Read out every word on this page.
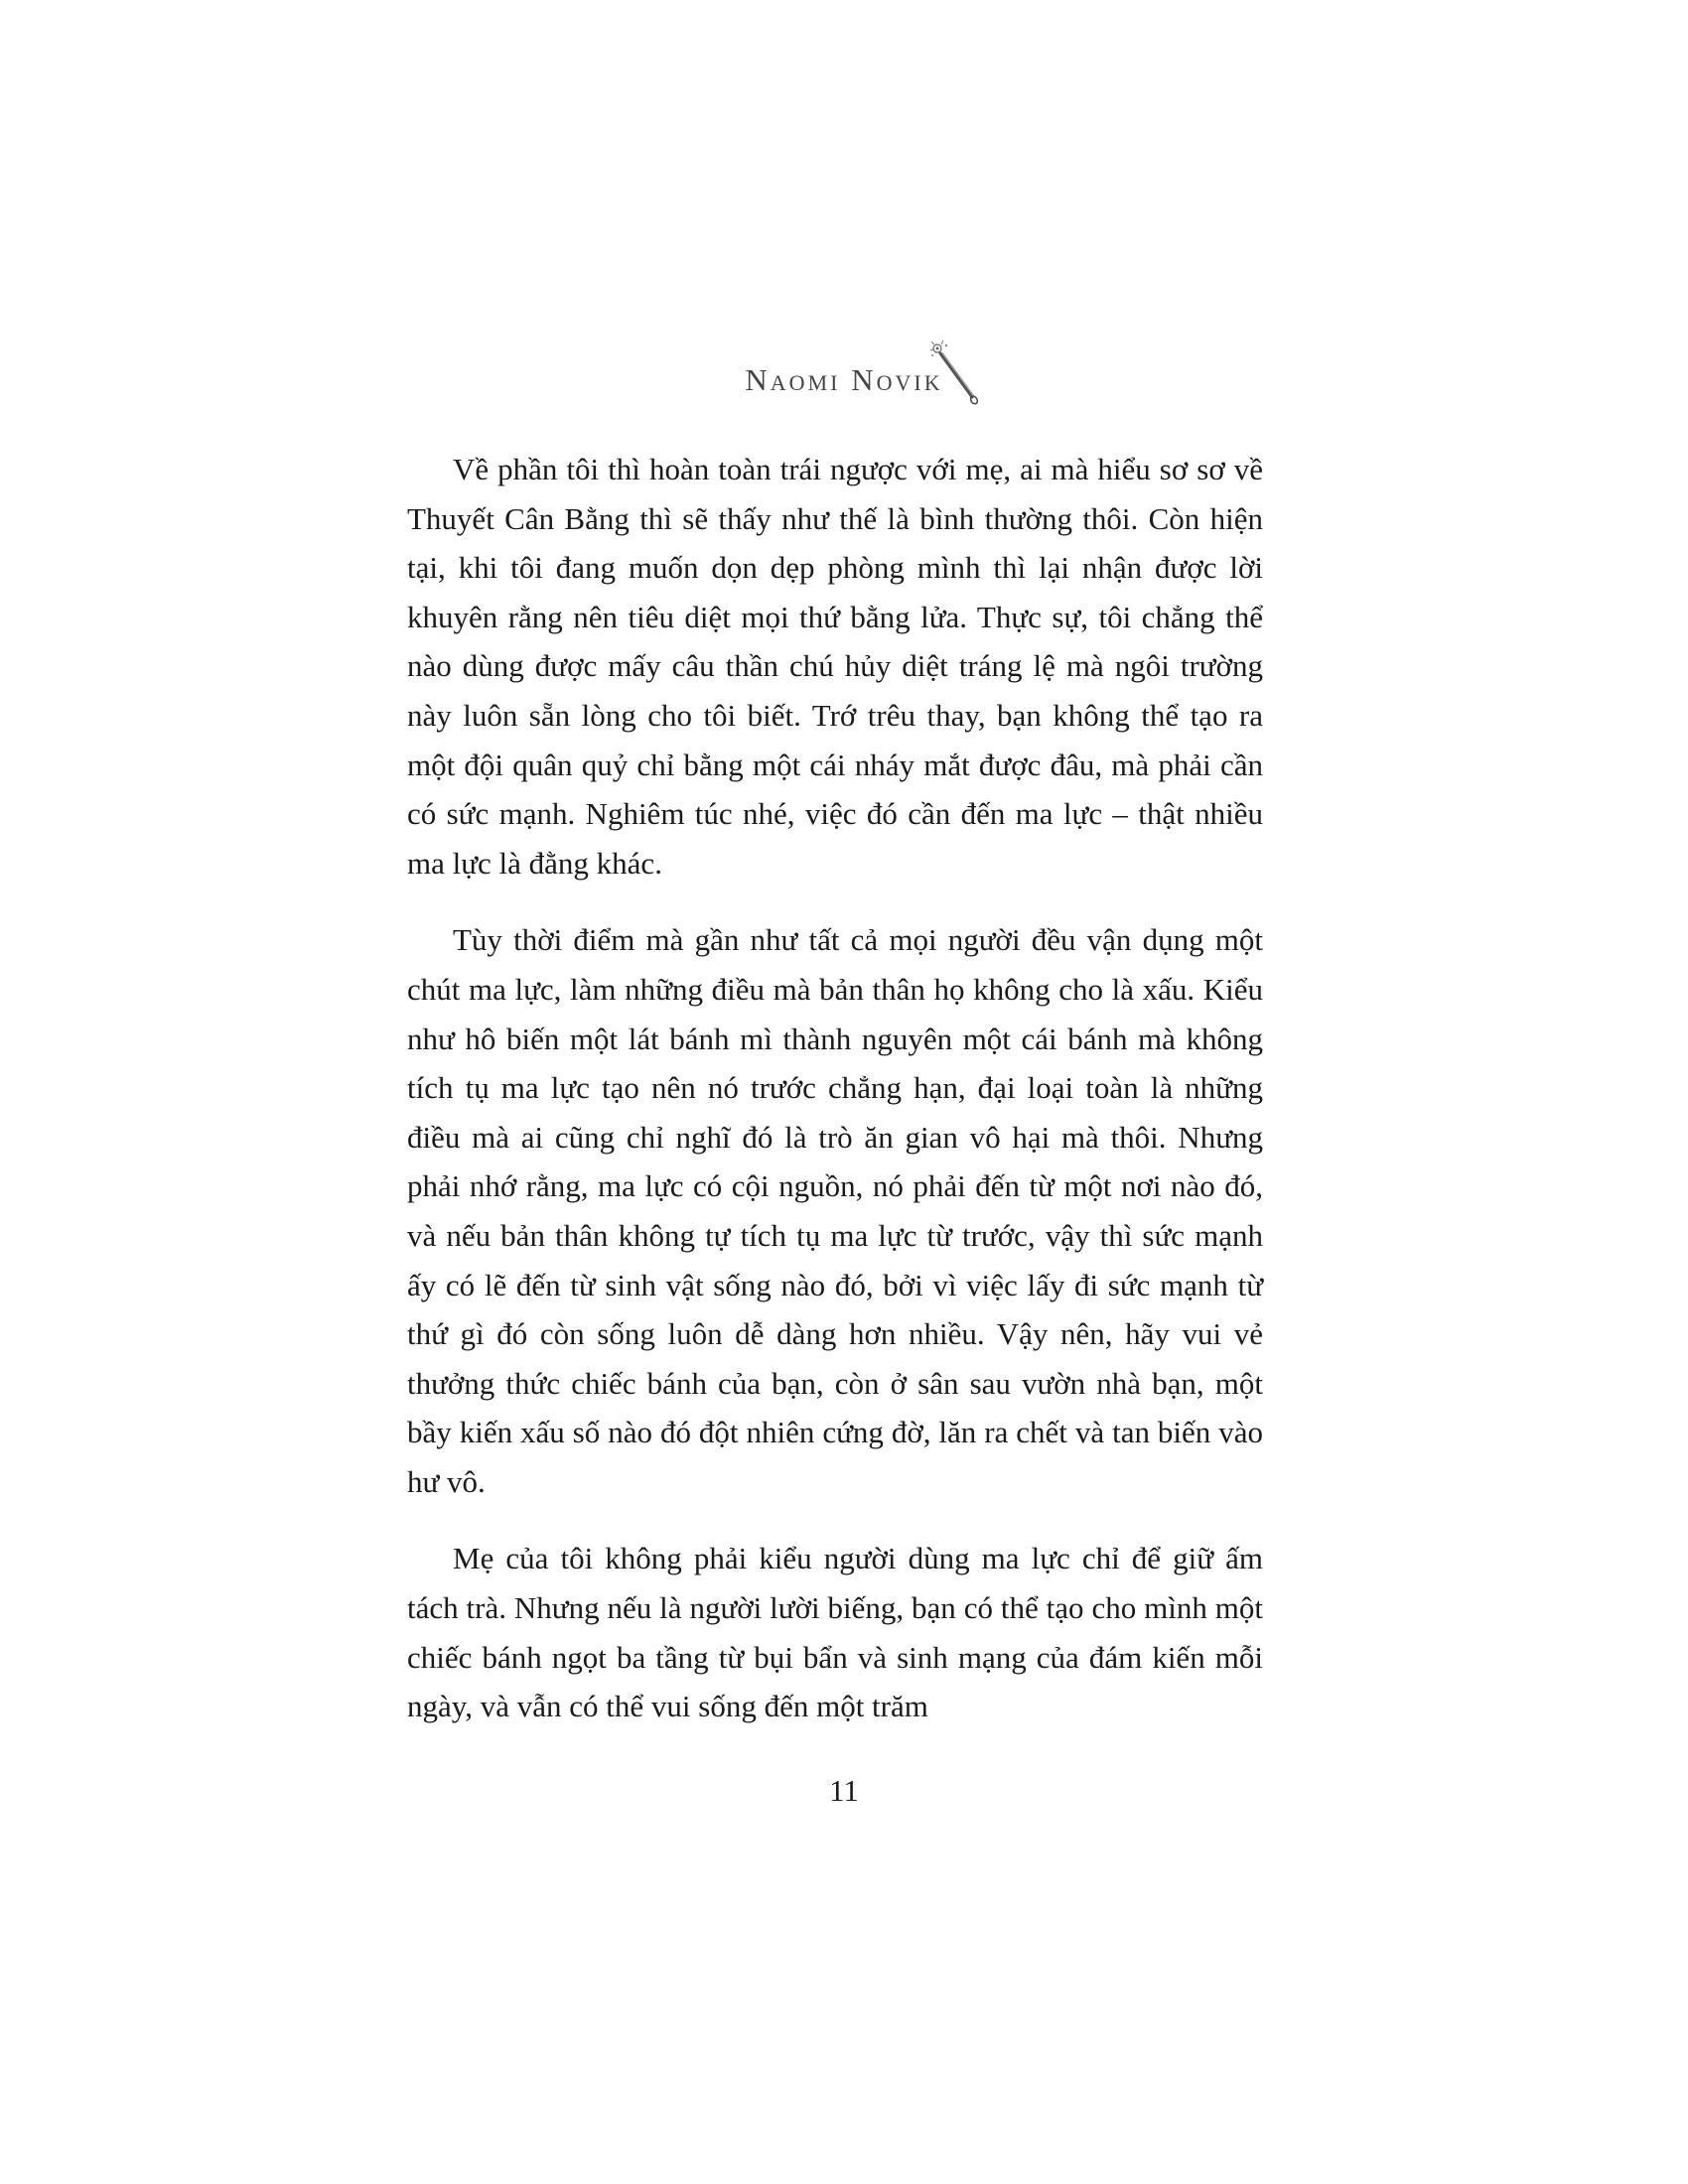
Naomi Novik

Về phần tôi thì hoàn toàn trái ngược với mẹ, ai mà hiểu sơ sơ về Thuyết Cân Bằng thì sẽ thấy như thế là bình thường thôi. Còn hiện tại, khi tôi đang muốn dọn dẹp phòng mình thì lại nhận được lời khuyên rằng nên tiêu diệt mọi thứ bằng lửa. Thực sự, tôi chẳng thể nào dùng được mấy câu thần chú hủy diệt tráng lệ mà ngôi trường này luôn sẵn lòng cho tôi biết. Trớ trêu thay, bạn không thể tạo ra một đội quân quỷ chỉ bằng một cái nháy mắt được đâu, mà phải cần có sức mạnh. Nghiêm túc nhé, việc đó cần đến ma lực – thật nhiều ma lực là đằng khác.

Tùy thời điểm mà gần như tất cả mọi người đều vận dụng một chút ma lực, làm những điều mà bản thân họ không cho là xấu. Kiểu như hô biến một lát bánh mì thành nguyên một cái bánh mà không tích tụ ma lực tạo nên nó trước chẳng hạn, đại loại toàn là những điều mà ai cũng chỉ nghĩ đó là trò ăn gian vô hại mà thôi. Nhưng phải nhớ rằng, ma lực có cội nguồn, nó phải đến từ một nơi nào đó, và nếu bản thân không tự tích tụ ma lực từ trước, vậy thì sức mạnh ấy có lẽ đến từ sinh vật sống nào đó, bởi vì việc lấy đi sức mạnh từ thứ gì đó còn sống luôn dễ dàng hơn nhiều. Vậy nên, hãy vui vẻ thưởng thức chiếc bánh của bạn, còn ở sân sau vườn nhà bạn, một bầy kiến xấu số nào đó đột nhiên cứng đờ, lăn ra chết và tan biến vào hư vô.

Mẹ của tôi không phải kiểu người dùng ma lực chỉ để giữ ấm tách trà. Nhưng nếu là người lười biếng, bạn có thể tạo cho mình một chiếc bánh ngọt ba tầng từ bụi bẩn và sinh mạng của đám kiến mỗi ngày, và vẫn có thể vui sống đến một trăm

11
